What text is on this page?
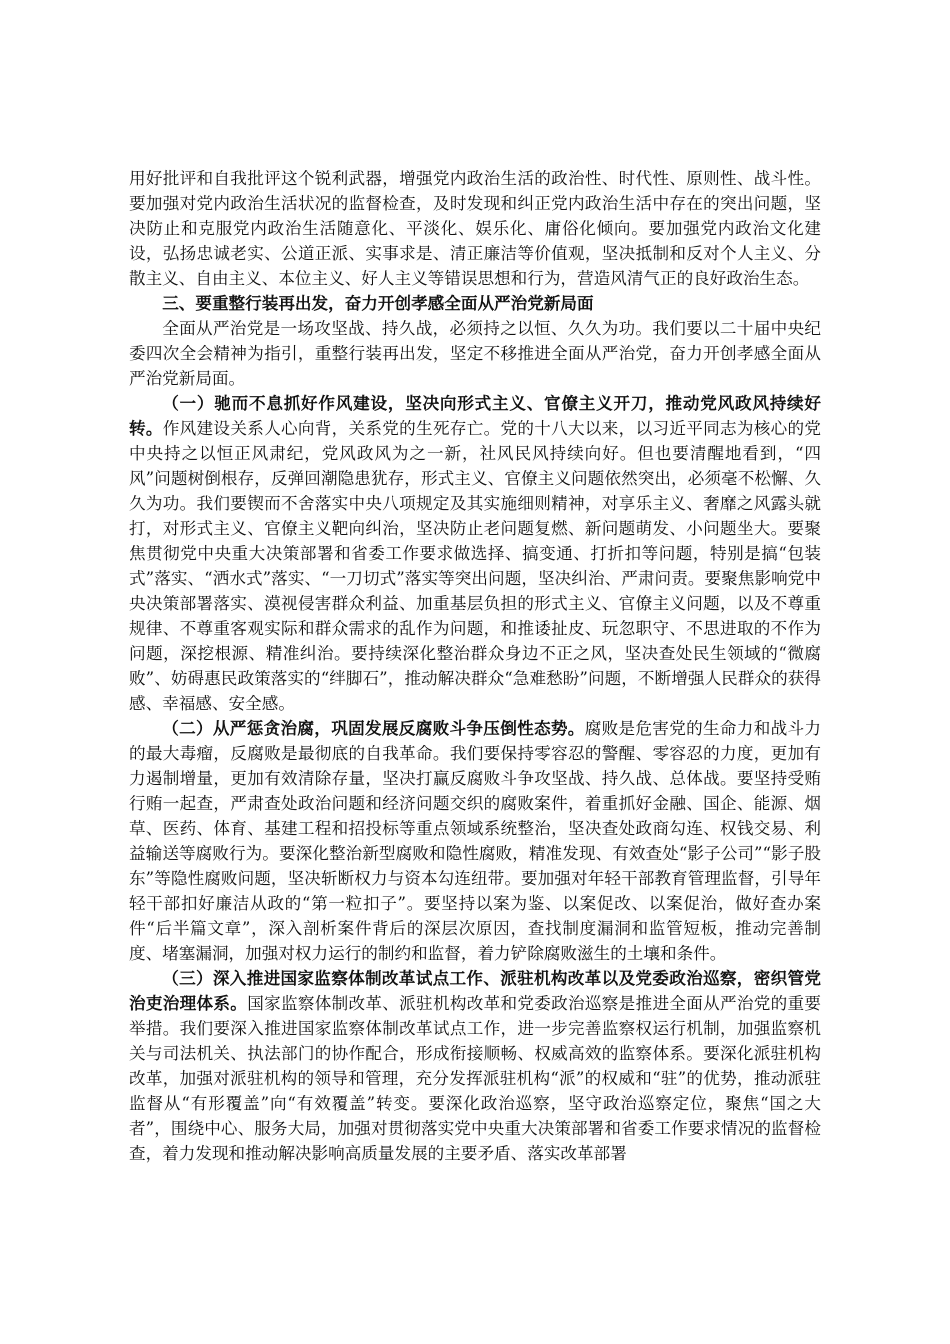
用好批评和自我批评这个锐利武器，增强党内政治生活的政治性、时代性、原则性、战斗性。要加强对党内政治生活状况的监督检查，及时发现和纠正党内政治生活中存在的突出问题，坚决防止和克服党内政治生活随意化、平淡化、娱乐化、庸俗化倾向。要加强党内政治文化建设，弘扬忠诚老实、公道正派、实事求是、清正廉洁等价值观，坚决抵制和反对个人主义、分散主义、自由主义、本位主义、好人主义等错误思想和行为，营造风清气正的良好政治生态。

三、要重整行装再出发，奋力开创孝感全面从严治党新局面

全面从严治党是一场攻坚战、持久战，必须持之以恒、久久为功。我们要以二十届中央纪委四次全会精神为指引，重整行装再出发，坚定不移推进全面从严治党，奋力开创孝感全面从严治党新局面。

（一）驰而不息抓好作风建设，坚决向形式主义、官僚主义开刀，推动党风政风持续好转。作风建设关系人心向背，关系党的生死存亡。党的十八大以来，以习近平同志为核心的党中央持之以恒正风肃纪，党风政风为之一新，社风民风持续向好。但也要清醒地看到，“四风”问题树倒根存，反弹回潮隐患犹存，形式主义、官僚主义问题依然突出，必须毫不松懈、久久为功。我们要锲而不舍落实中央八项规定及其实施细则精神，对享乐主义、奢靡之风露头就打，对形式主义、官僚主义靶向纠治，坚决防止老问题复燃、新问题萌发、小问题坐大。要聚焦贯彻党中央重大决策部署和省委工作要求做选择、搞变通、打折扣等问题，特别是搞“包装式”落实、“洒水式”落实、“一刀切式”落实等突出问题，坚决纠治、严肃问责。要聚焦影响党中央决策部署落实、漠视侵害群众利益、加重基层负担的形式主义、官僚主义问题，以及不尊重规律、不尊重客观实际和群众需求的乱作为问题，和推诿扯皮、玩忽职守、不思进取的不作为问题，深挖根源、精准纠治。要持续深化整治群众身边不正之风，坚决查处民生领域的“微腐败”、妨碍惠民政策落实的“绊脚石”，推动解决群众“急难愁盼”问题，不断增强人民群众的获得感、幸福感、安全感。

（二）从严惩贪治腐，巩固发展反腐败斗争压倒性态势。腐败是危害党的生命力和战斗力的最大毒瘤，反腐败是最彻底的自我革命。我们要保持零容忍的警醒、零容忍的力度，更加有力遏制增量，更加有效清除存量，坚决打赢反腐败斗争攻坚战、持久战、总体战。要坚持受贿行贿一起查，严肃查处政治问题和经济问题交织的腐败案件，着重抓好金融、国企、能源、烟草、医药、体育、基建工程和招投标等重点领域系统整治，坚决查处政商勾连、权钱交易、利益输送等腐败行为。要深化整治新型腐败和隐性腐败，精准发现、有效查处“影子公司”“影子股东”等隐性腐败问题，坚决斩断权力与资本勾连纽带。要加强对年轻干部教育管理监督，引导年轻干部扣好廉洁从政的“第一粒扣子”。要坚持以案为鉴、以案促改、以案促治，做好查办案件“后半篇文章”，深入剖析案件背后的深层次原因，查找制度漏洞和监管短板，推动完善制度、堵塞漏洞，加强对权力运行的制约和监督，着力铲除腐败滋生的土壤和条件。

（三）深入推进国家监察体制改革试点工作、派驻机构改革以及党委政治巡察，密织管党治吏治理体系。国家监察体制改革、派驻机构改革和党委政治巡察是推进全面从严治党的重要举措。我们要深入推进国家监察体制改革试点工作，进一步完善监察权运行机制，加强监察机关与司法机关、执法部门的协作配合，形成衔接顺畅、权威高效的监察体系。要深化派驻机构改革，加强对派驻机构的领导和管理，充分发挥派驻机构“派”的权威和“驻”的优势，推动派驻监督从“有形覆盖”向“有效覆盖”转变。要深化政治巡察，坚守政治巡察定位，聚焦“国之大者”，围绕中心、服务大局，加强对贯彻落实党中央重大决策部署和省委工作要求情况的监督检查，着力发现和推动解决影响高质量发展的主要矛盾、落实改革部署
